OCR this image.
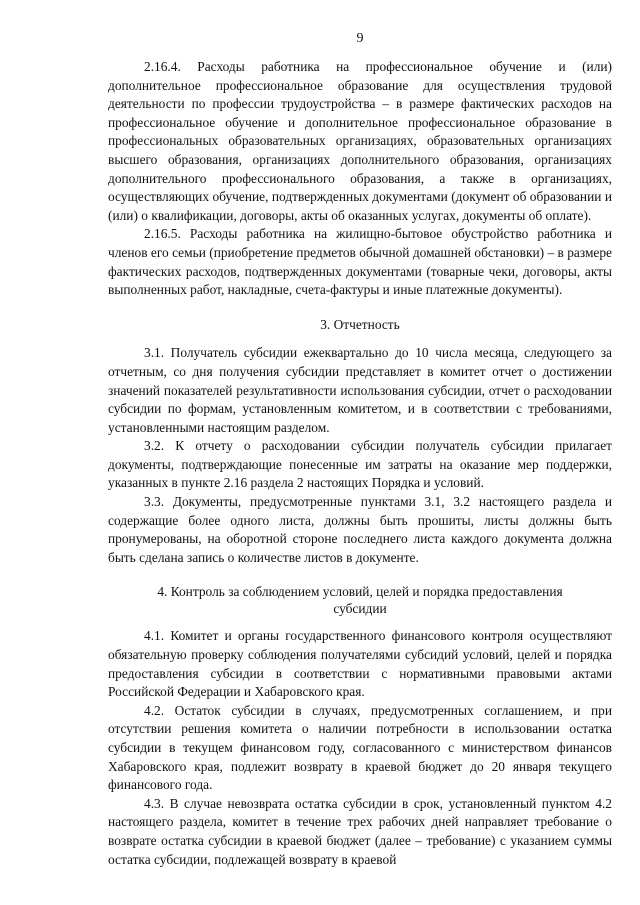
9

2.16.4. Расходы работника на профессиональное обучение и (или) дополнительное профессиональное образование для осуществления трудовой деятельности по профессии трудоустройства – в размере фактических расходов на профессиональное обучение и дополнительное профессиональное образование в профессиональных образовательных организациях, образовательных организациях высшего образования, организациях дополнительного образования, организациях дополнительного профессионального образования, а также в организациях, осуществляющих обучение, подтвержденных документами (документ об образовании и (или) о квалификации, договоры, акты об оказанных услугах, документы об оплате).

2.16.5. Расходы работника на жилищно-бытовое обустройство работника и членов его семьи (приобретение предметов обычной домашней обстановки) – в размере фактических расходов, подтвержденных документами (товарные чеки, договоры, акты выполненных работ, накладные, счета-фактуры и иные платежные документы).

3. Отчетность

3.1. Получатель субсидии ежеквартально до 10 числа месяца, следующего за отчетным, со дня получения субсидии представляет в комитет отчет о достижении значений показателей результативности использования субсидии, отчет о расходовании субсидии по формам, установленным комитетом, и в соответствии с требованиями, установленными настоящим разделом.

3.2. К отчету о расходовании субсидии получатель субсидии прилагает документы, подтверждающие понесенные им затраты на оказание мер поддержки, указанных в пункте 2.16 раздела 2 настоящих Порядка и условий.

3.3. Документы, предусмотренные пунктами 3.1, 3.2 настоящего раздела и содержащие более одного листа, должны быть прошиты, листы должны быть пронумерованы, на оборотной стороне последнего листа каждого документа должна быть сделана запись о количестве листов в документе.

4. Контроль за соблюдением условий, целей и порядка предоставления
субсидии

4.1. Комитет и органы государственного финансового контроля осуществляют обязательную проверку соблюдения получателями субсидий условий, целей и порядка предоставления субсидии в соответствии с нормативными правовыми актами Российской Федерации и Хабаровского края.

4.2. Остаток субсидии в случаях, предусмотренных соглашением, и при отсутствии решения комитета о наличии потребности в использовании остатка субсидии в текущем финансовом году, согласованного с министерством финансов Хабаровского края, подлежит возврату в краевой бюджет до 20 января текущего финансового года.

4.3. В случае невозврата остатка субсидии в срок, установленный пунктом 4.2 настоящего раздела, комитет в течение трех рабочих дней направляет требование о возврате остатка субсидии в краевой бюджет (далее – требование) с указанием суммы остатка субсидии, подлежащей возврату в краевой
